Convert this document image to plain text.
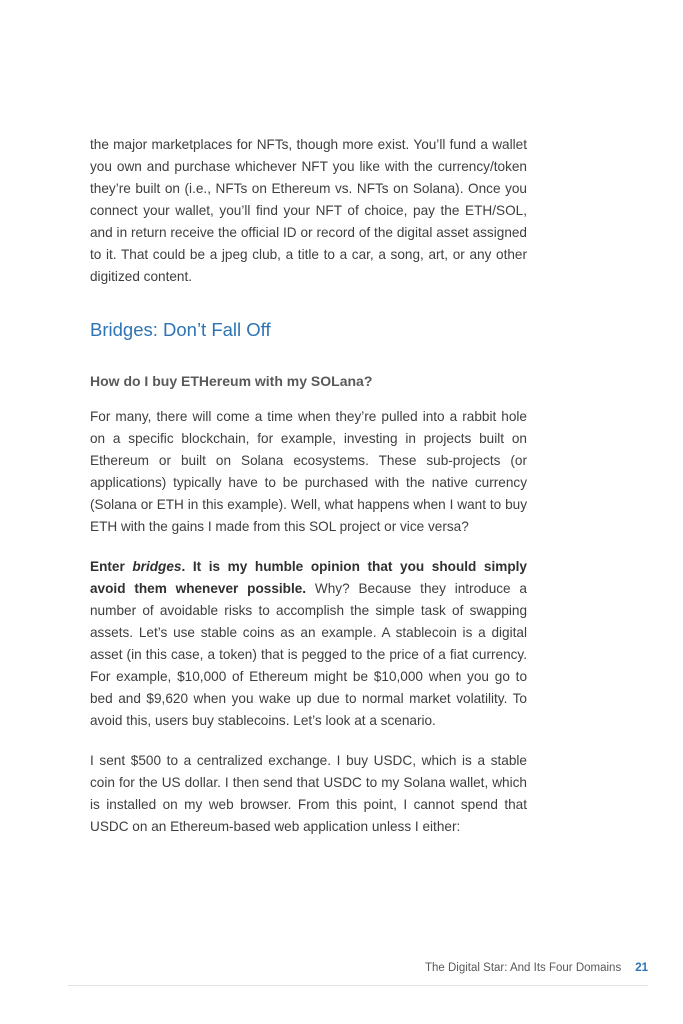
the major marketplaces for NFTs, though more exist. You’ll fund a wallet you own and purchase whichever NFT you like with the currency/token they’re built on (i.e., NFTs on Ethereum vs. NFTs on Solana). Once you connect your wallet, you’ll find your NFT of choice, pay the ETH/SOL, and in return receive the official ID or record of the digital asset assigned to it. That could be a jpeg club, a title to a car, a song, art, or any other digitized content.

Bridges: Don’t Fall Off
How do I buy ETHereum with my SOLana?

For many, there will come a time when they’re pulled into a rabbit hole on a specific blockchain, for example, investing in projects built on Ethereum or built on Solana ecosystems. These sub-projects (or applications) typically have to be purchased with the native currency (Solana or ETH in this example). Well, what happens when I want to buy ETH with the gains I made from this SOL project or vice versa?

Enter bridges. It is my humble opinion that you should simply avoid them whenever possible. Why? Because they introduce a number of avoidable risks to accomplish the simple task of swapping assets. Let’s use stable coins as an example. A stablecoin is a digital asset (in this case, a token) that is pegged to the price of a fiat currency. For example, $10,000 of Ethereum might be $10,000 when you go to bed and $9,620 when you wake up due to normal market volatility. To avoid this, users buy stablecoins. Let’s look at a scenario.

I sent $500 to a centralized exchange. I buy USDC, which is a stable coin for the US dollar. I then send that USDC to my Solana wallet, which is installed on my web browser. From this point, I cannot spend that USDC on an Ethereum-based web application unless I either:

The Digital Star: And Its Four Domains 21
